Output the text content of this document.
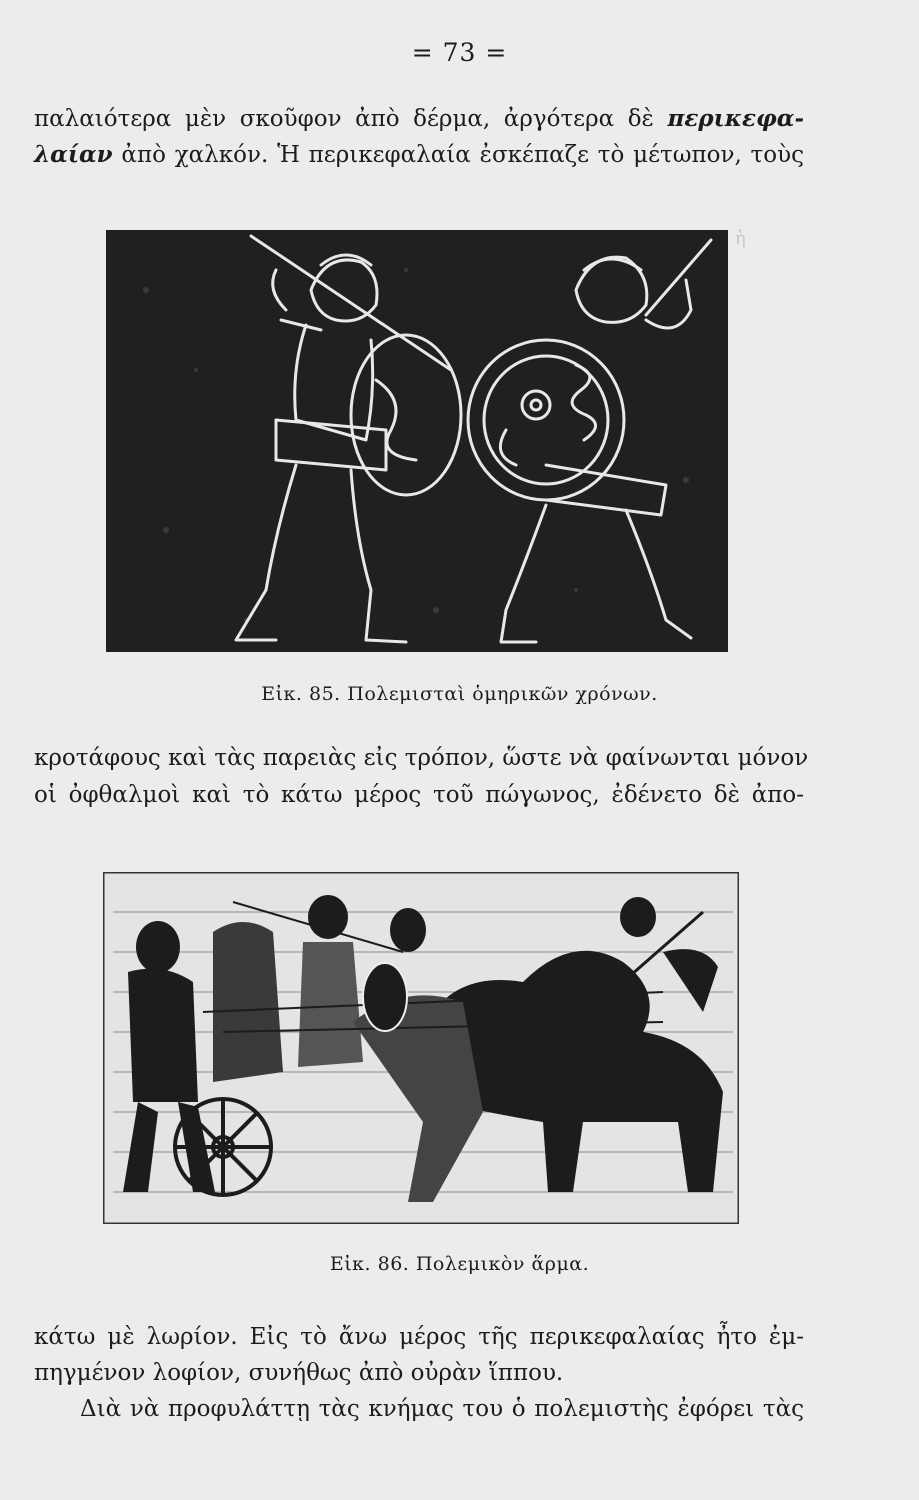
= 73 =
ἡ
παλαιότερα μὲν σκοῦφον ἀπὸ δέρμα, ἀργότερα δὲ περικεφα-
λαίαν ἀπὸ χαλκόν. Ἡ περικεφαλαία ἐσκέπαζε τὸ μέτωπον, τοὺς
Εἰκ. 85. Πολεμισταὶ ὁμηρικῶν χρόνων.
κροτάφους καὶ τὰς παρειὰς εἰς τρόπον, ὥστε νὰ φαίνωνται μόνον
οἱ ὀφθαλμοὶ καὶ τὸ κάτω μέρος τοῦ πώγωνος, ἐδένετο δὲ ἀπο-
Εἰκ. 86. Πολεμικὸν ἅρμα.
κάτω μὲ λωρίον. Εἰς τὸ ἄνω μέρος τῆς περικεφαλαίας ἦτο ἐμ-
πηγμένον λοφίον, συνήθως ἀπὸ οὐρὰν ἵππου.
Διὰ νὰ προφυλάττῃ τὰς κνήμας του ὁ πολεμιστὴς ἐφόρει τὰς
